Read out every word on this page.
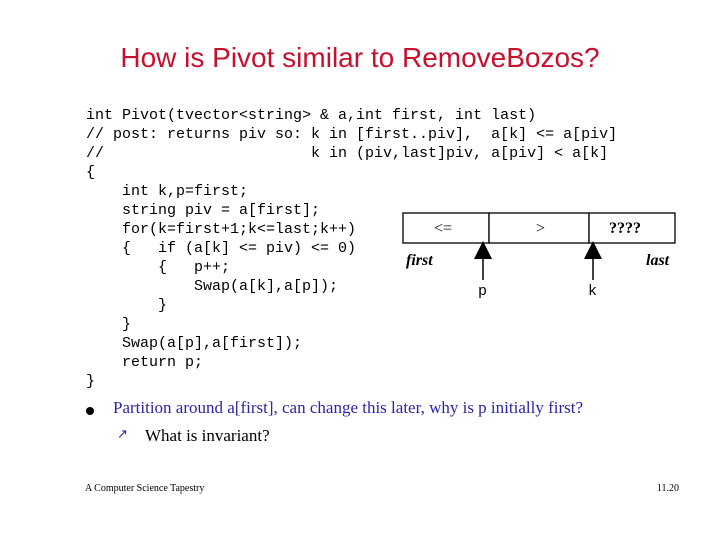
How is Pivot similar to RemoveBozos?
int Pivot(tvector<string> & a,int first, int last)
// post: returns piv so: k in [first..piv],  a[k] <= a[piv]
//                       k in (piv,last]piv, a[piv] < a[k]
{
int k,p=first;
string piv = a[first];
for(k=first+1;k<=last;k++)
{   if (a[k] <= piv) <= 0)
{   p++;
Swap(a[k],a[p]);
}
}
Swap(a[p],a[first]);
return p;
}
<=	>	????
first	last
p	k
Partition around a[first], can change this later, why is p initially first?
↗ What is invariant?
A Computer Science Tapestry	11.20
